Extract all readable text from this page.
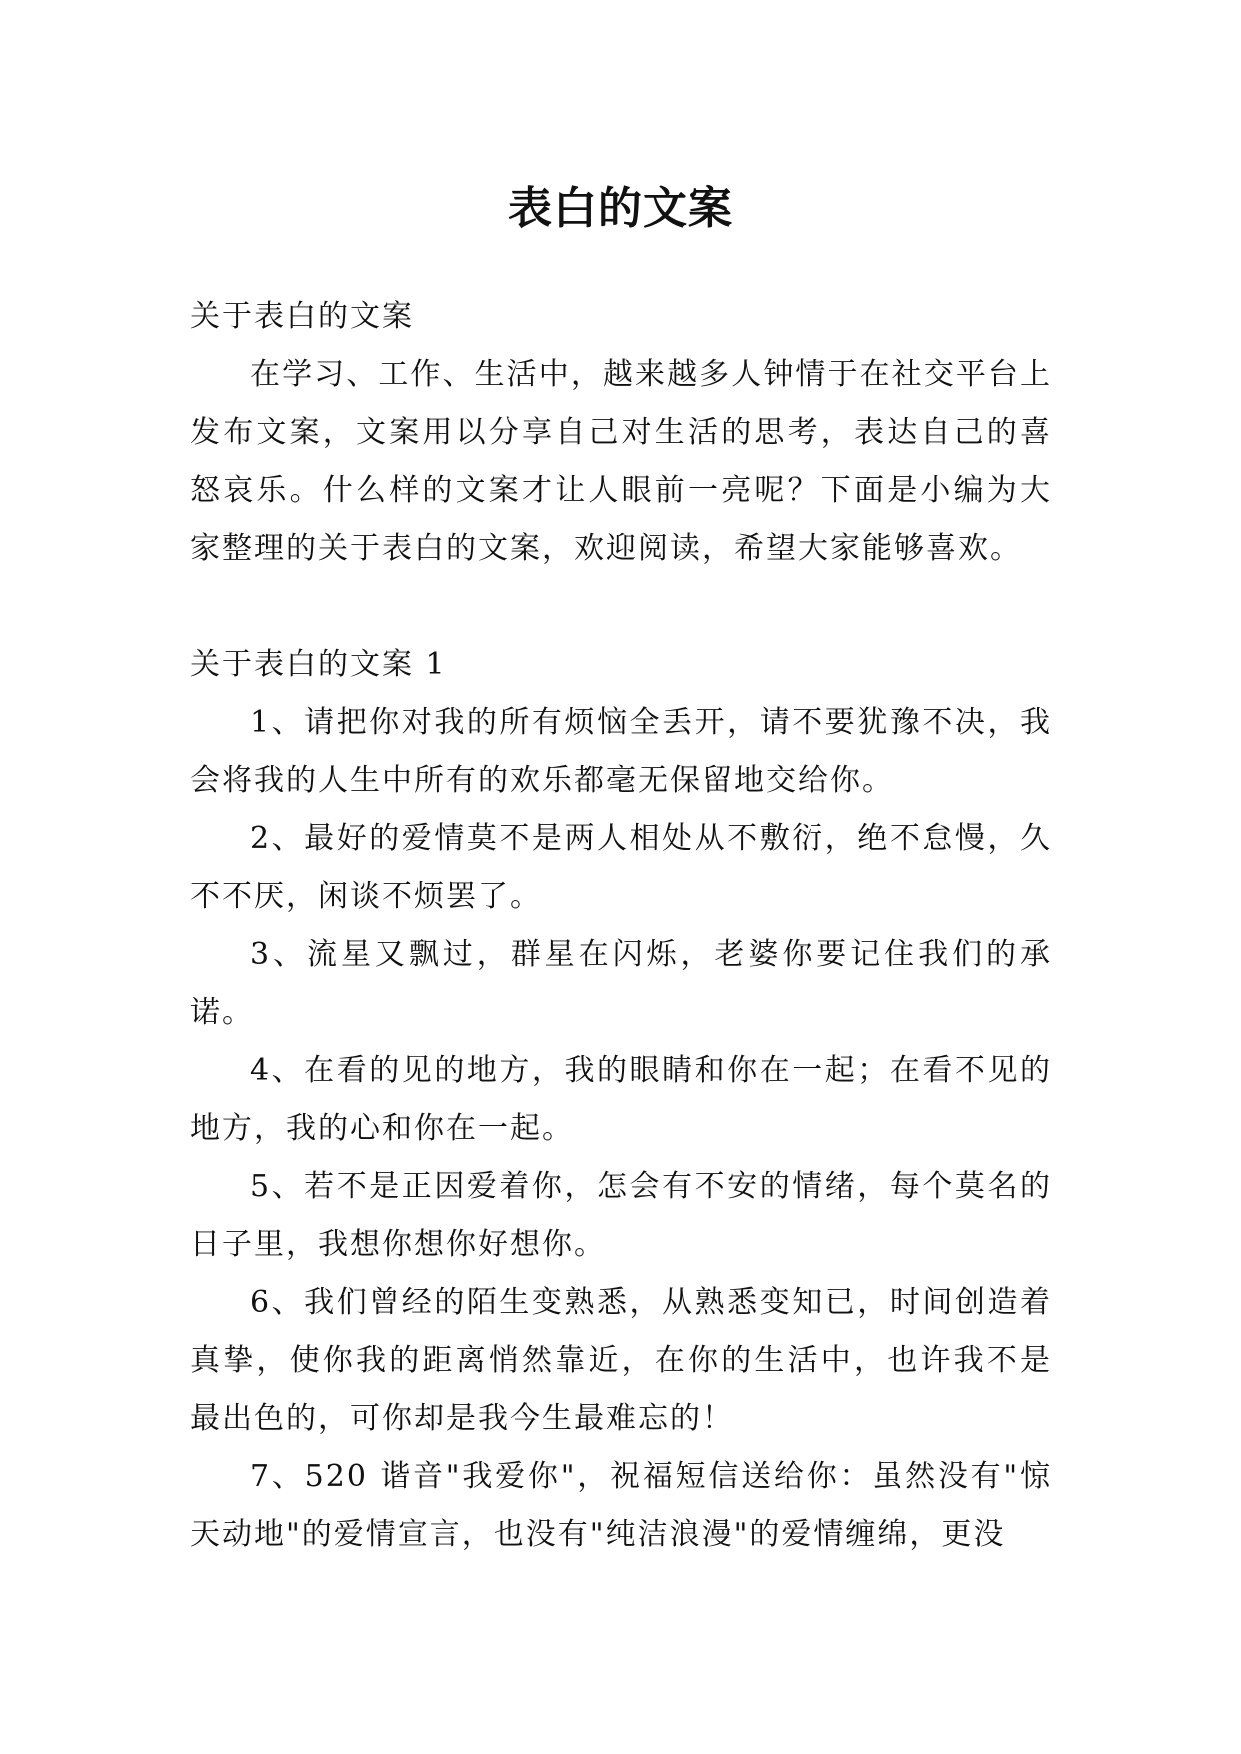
表白的文案

关于表白的文案

在学习、工作、生活中，越来越多人钟情于在社交平台上发布文案，文案用以分享自己对生活的思考，表达自己的喜怒哀乐。什么样的文案才让人眼前一亮呢？下面是小编为大家整理的关于表白的文案，欢迎阅读，希望大家能够喜欢。

关于表白的文案 1

1、请把你对我的所有烦恼全丢开，请不要犹豫不决，我会将我的人生中所有的欢乐都毫无保留地交给你。

2、最好的爱情莫不是两人相处从不敷衍，绝不怠慢，久不不厌，闲谈不烦罢了。

3、流星又飘过，群星在闪烁，老婆你要记住我们的承诺。

4、在看的见的地方，我的眼睛和你在一起；在看不见的地方，我的心和你在一起。

5、若不是正因爱着你，怎会有不安的情绪，每个莫名的日子里，我想你想你好想你。

6、我们曾经的陌生变熟悉，从熟悉变知已，时间创造着真挚，使你我的距离悄然靠近，在你的生活中，也许我不是最出色的，可你却是我今生最难忘的！

7、520 谐音"我爱你"，祝福短信送给你：虽然没有"惊天动地"的爱情宣言，也没有"纯洁浪漫"的爱情缠绵，更没
